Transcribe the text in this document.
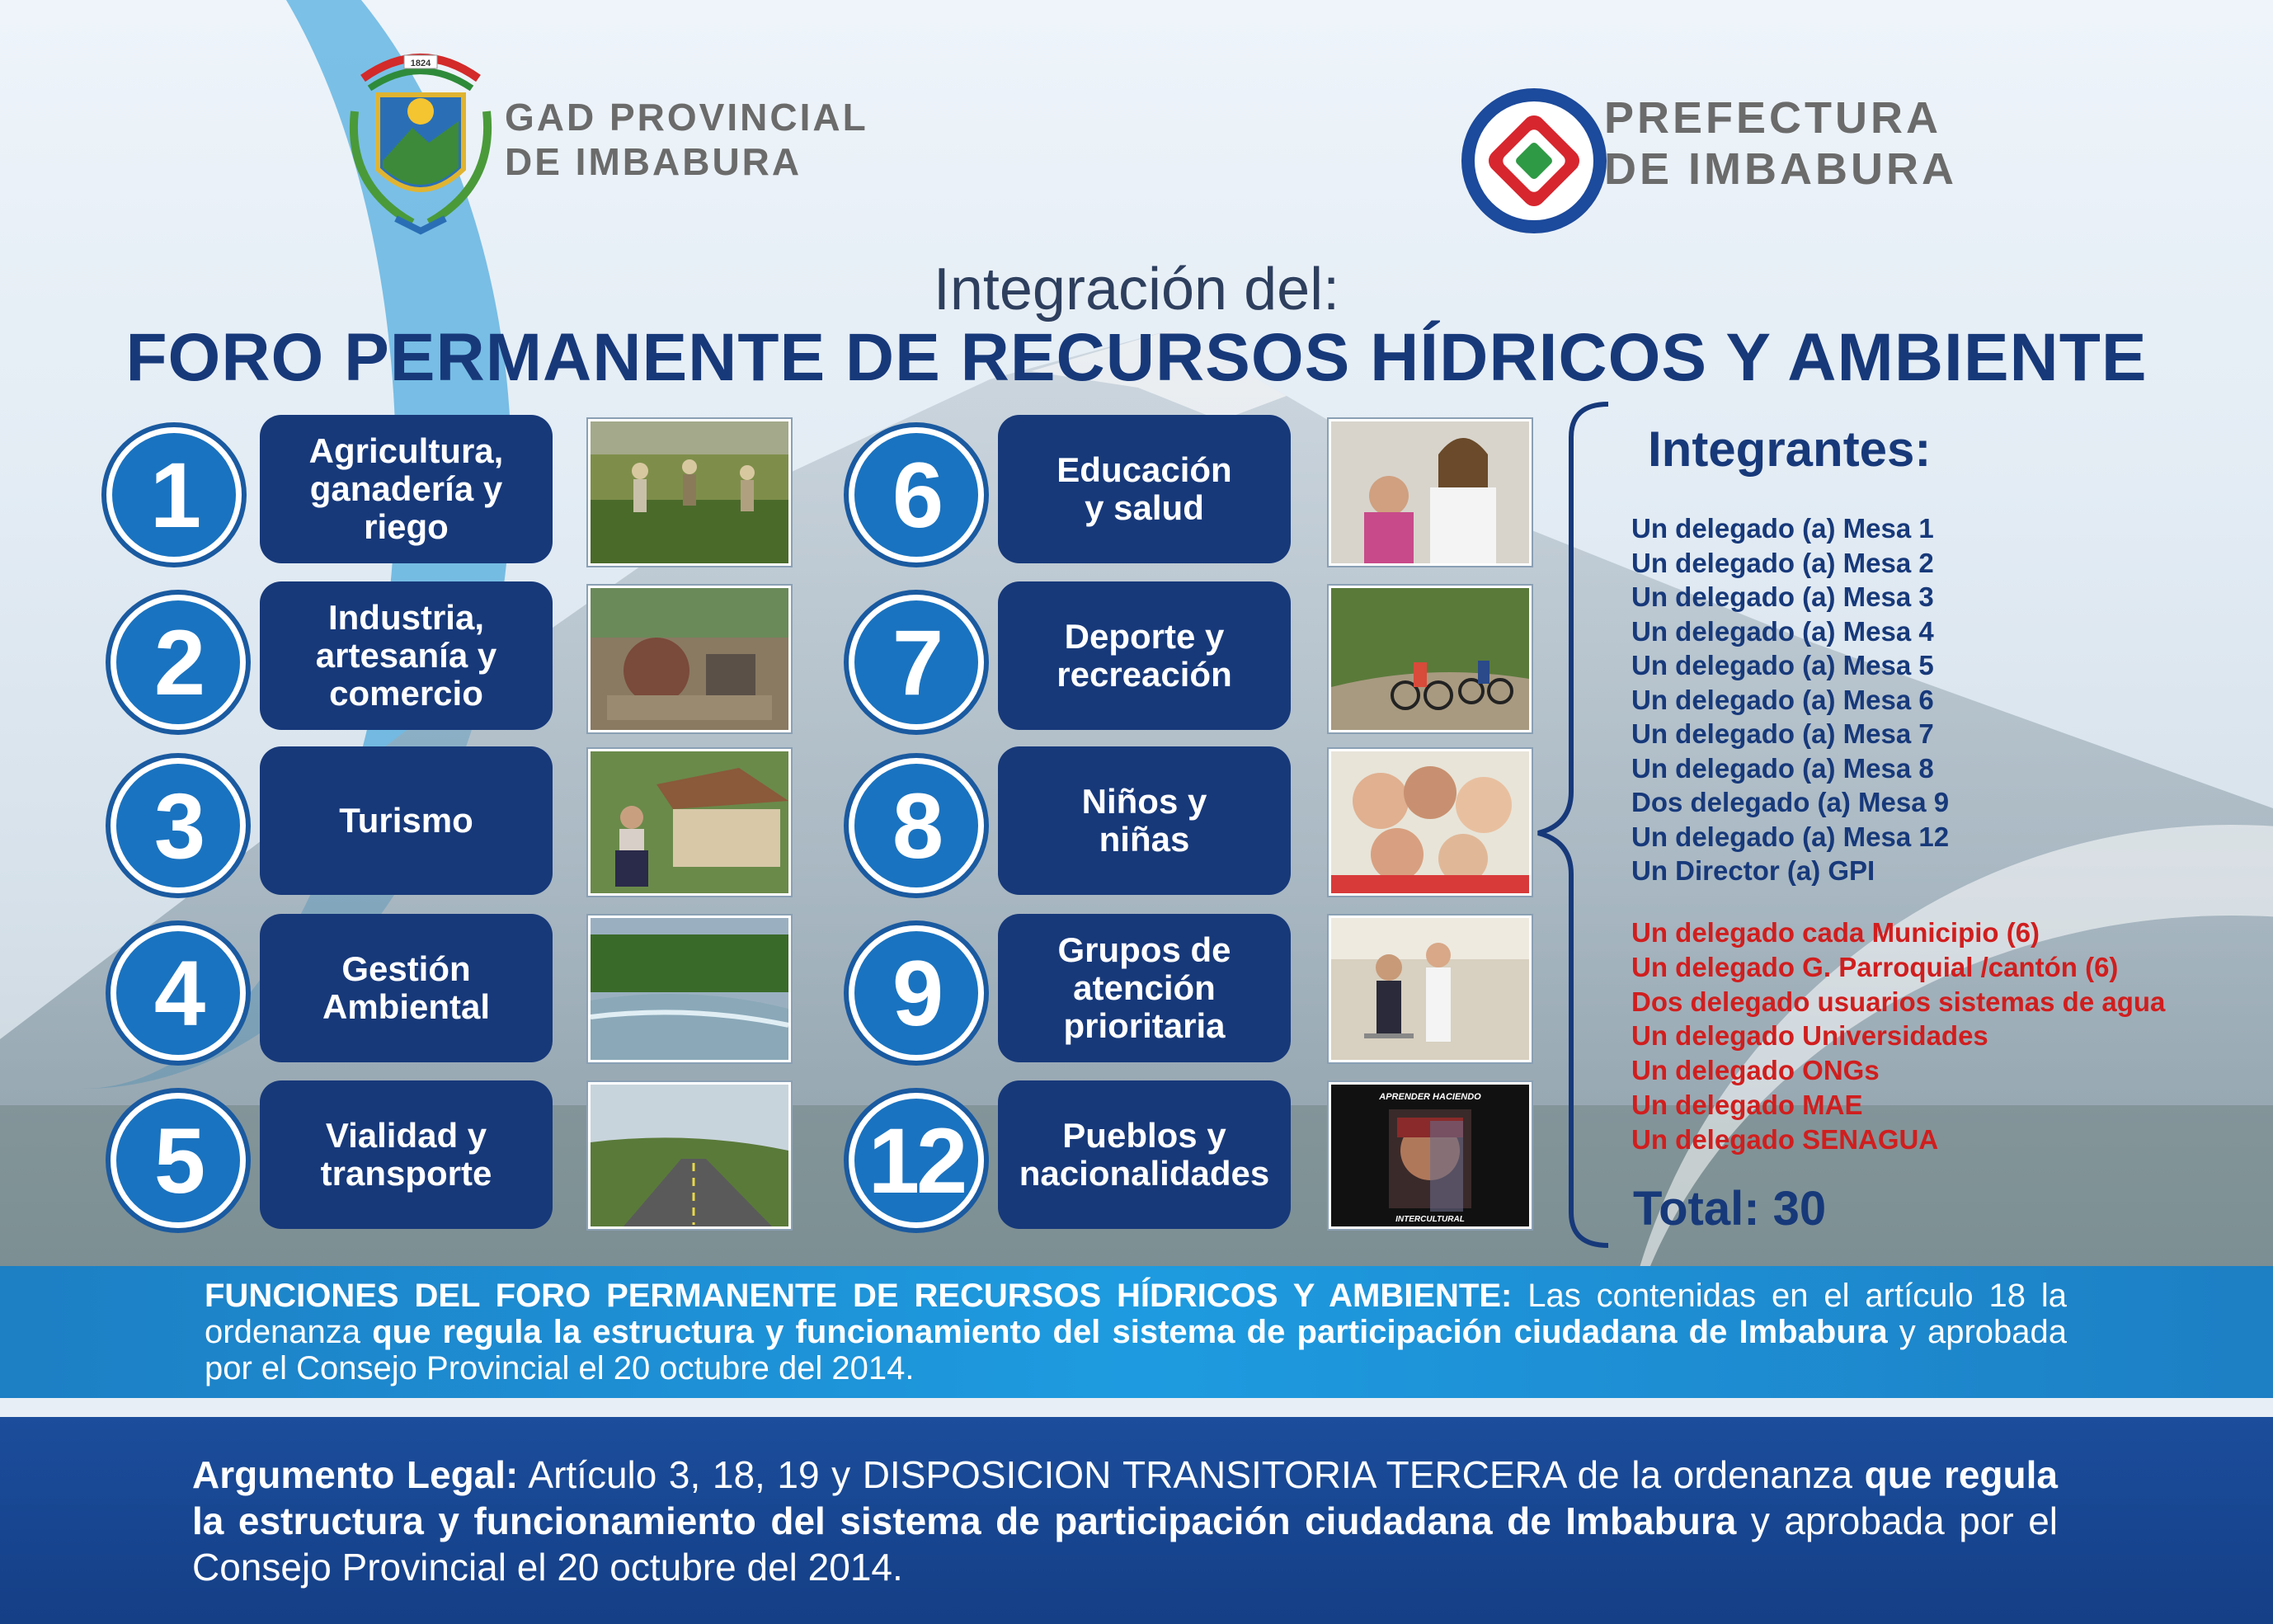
1824
GAD PROVINCIAL
DE IMBABURA
PREFECTURA
DE IMBABURA
Integración del:
FORO PERMANENTE DE RECURSOS HÍDRICOS Y AMBIENTE
1	Agricultura,
ganadería y
riego
2	Industria,
artesanía y
comercio
3	Turismo
4	Gestión
Ambiental
5	Vialidad y
transporte
6	Educación
y salud
7	Deporte y
recreación
8	Niños y
niñas
9	Grupos de
atención
prioritaria
12	Pueblos y
nacionalidades
APRENDER HACIENDO
INTERCULTURAL
Integrantes:
Un delegado (a) Mesa 1
Un delegado (a) Mesa 2
Un delegado (a) Mesa 3
Un delegado (a) Mesa 4
Un delegado (a) Mesa 5
Un delegado (a) Mesa 6
Un delegado (a) Mesa 7
Un delegado (a) Mesa 8
Dos delegado (a) Mesa 9
Un delegado (a) Mesa 12
Un Director (a) GPI
Un delegado cada Municipio (6)
Un delegado G. Parroquial /cantón (6)
Dos delegado usuarios sistemas de agua
Un delegado Universidades
Un delegado ONGs
Un delegado MAE
Un delegado SENAGUA
Total: 30
FUNCIONES DEL FORO PERMANENTE DE RECURSOS HÍDRICOS Y AMBIENTE: Las contenidas en el artículo 18 la ordenanza que regula la estructura y funcionamiento del sistema de participación ciudadana de Imbabura y aprobada por el Consejo Provincial el 20 octubre del 2014.
Argumento Legal: Artículo 3, 18, 19 y DISPOSICION TRANSITORIA TERCERA de la ordenanza que regula la estructura y funcionamiento del sistema de participación ciudadana de Imbabura y aprobada por el Consejo Provincial el 20 octubre del 2014.
